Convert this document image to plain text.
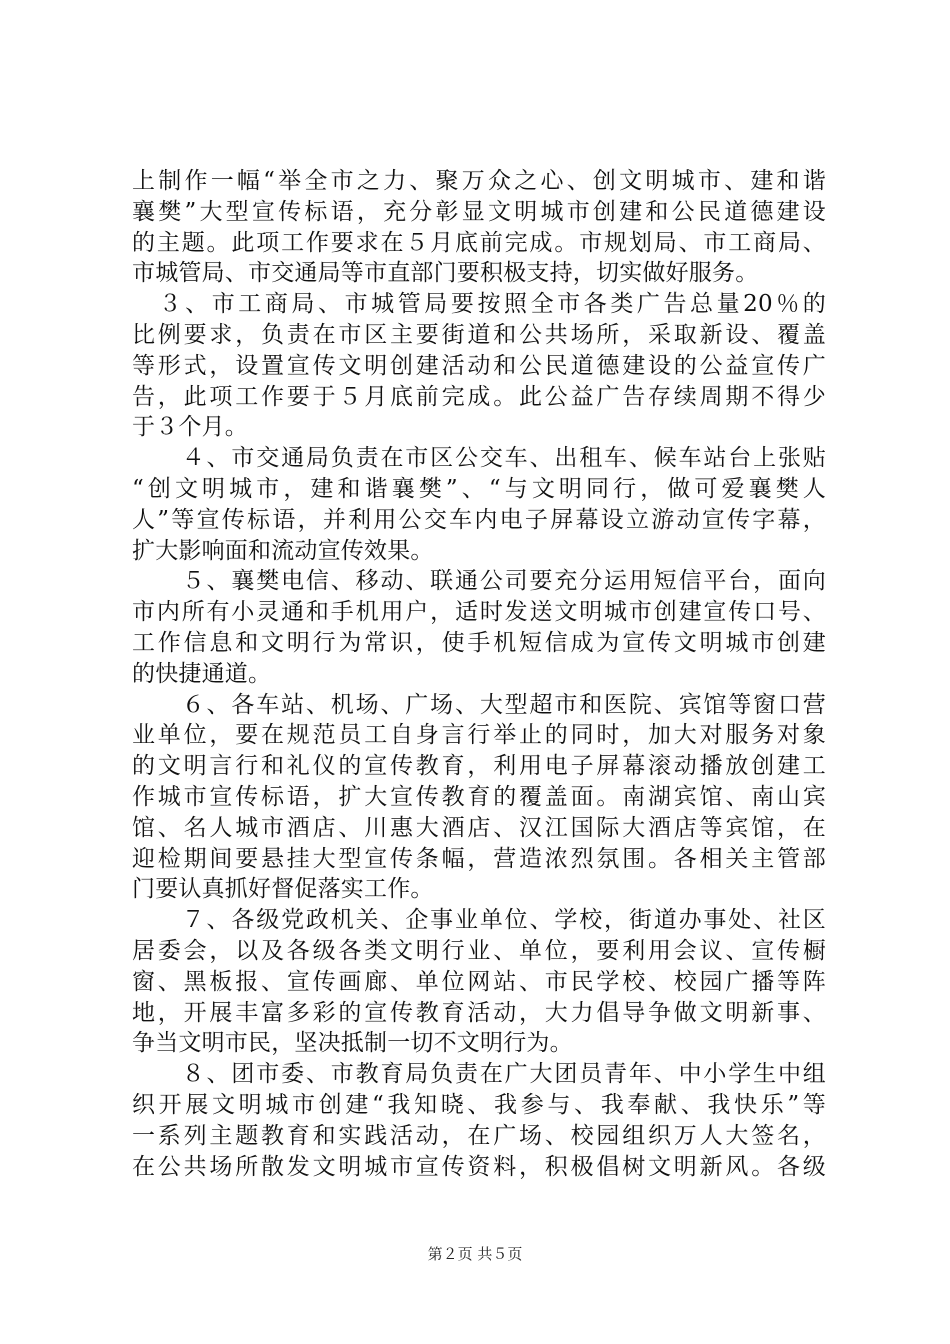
上制作一幅“举全市之力、聚万众之心、创文明城市、建和谐
襄樊”大型宣传标语，充分彰显文明城市创建和公民道德建设
的主题。此项工作要求在５月底前完成。市规划局、市工商局、
市城管局、市交通局等市直部门要积极支持，切实做好服务。
　３、市工商局、市城管局要按照全市各类广告总量20％的
比例要求，负责在市区主要街道和公共场所，采取新设、覆盖
等形式，设置宣传文明创建活动和公民道德建设的公益宣传广
告，此项工作要于５月底前完成。此公益广告存续周期不得少
于３个月。
　　４、市交通局负责在市区公交车、出租车、候车站台上张贴
“创文明城市，建和谐襄樊”、“与文明同行，做可爱襄樊人
人”等宣传标语，并利用公交车内电子屏幕设立游动宣传字幕，
扩大影响面和流动宣传效果。
　　５、襄樊电信、移动、联通公司要充分运用短信平台，面向
市内所有小灵通和手机用户，适时发送文明城市创建宣传口号、
工作信息和文明行为常识，使手机短信成为宣传文明城市创建
的快捷通道。
　　６、各车站、机场、广场、大型超市和医院、宾馆等窗口营
业单位，要在规范员工自身言行举止的同时，加大对服务对象
的文明言行和礼仪的宣传教育，利用电子屏幕滚动播放创建工
作城市宣传标语，扩大宣传教育的覆盖面。南湖宾馆、南山宾
馆、名人城市酒店、川惠大酒店、汉江国际大酒店等宾馆，在
迎检期间要悬挂大型宣传条幅，营造浓烈氛围。各相关主管部
门要认真抓好督促落实工作。
　　７、各级党政机关、企事业单位、学校，街道办事处、社区
居委会，以及各级各类文明行业、单位，要利用会议、宣传橱
窗、黑板报、宣传画廊、单位网站、市民学校、校园广播等阵
地，开展丰富多彩的宣传教育活动，大力倡导争做文明新事、
争当文明市民，坚决抵制一切不文明行为。
　　８、团市委、市教育局负责在广大团员青年、中小学生中组
织开展文明城市创建“我知晓、我参与、我奉献、我快乐”等
一系列主题教育和实践活动，在广场、校园组织万人大签名，
在公共场所散发文明城市宣传资料，积极倡树文明新风。各级
第２页 共５页
